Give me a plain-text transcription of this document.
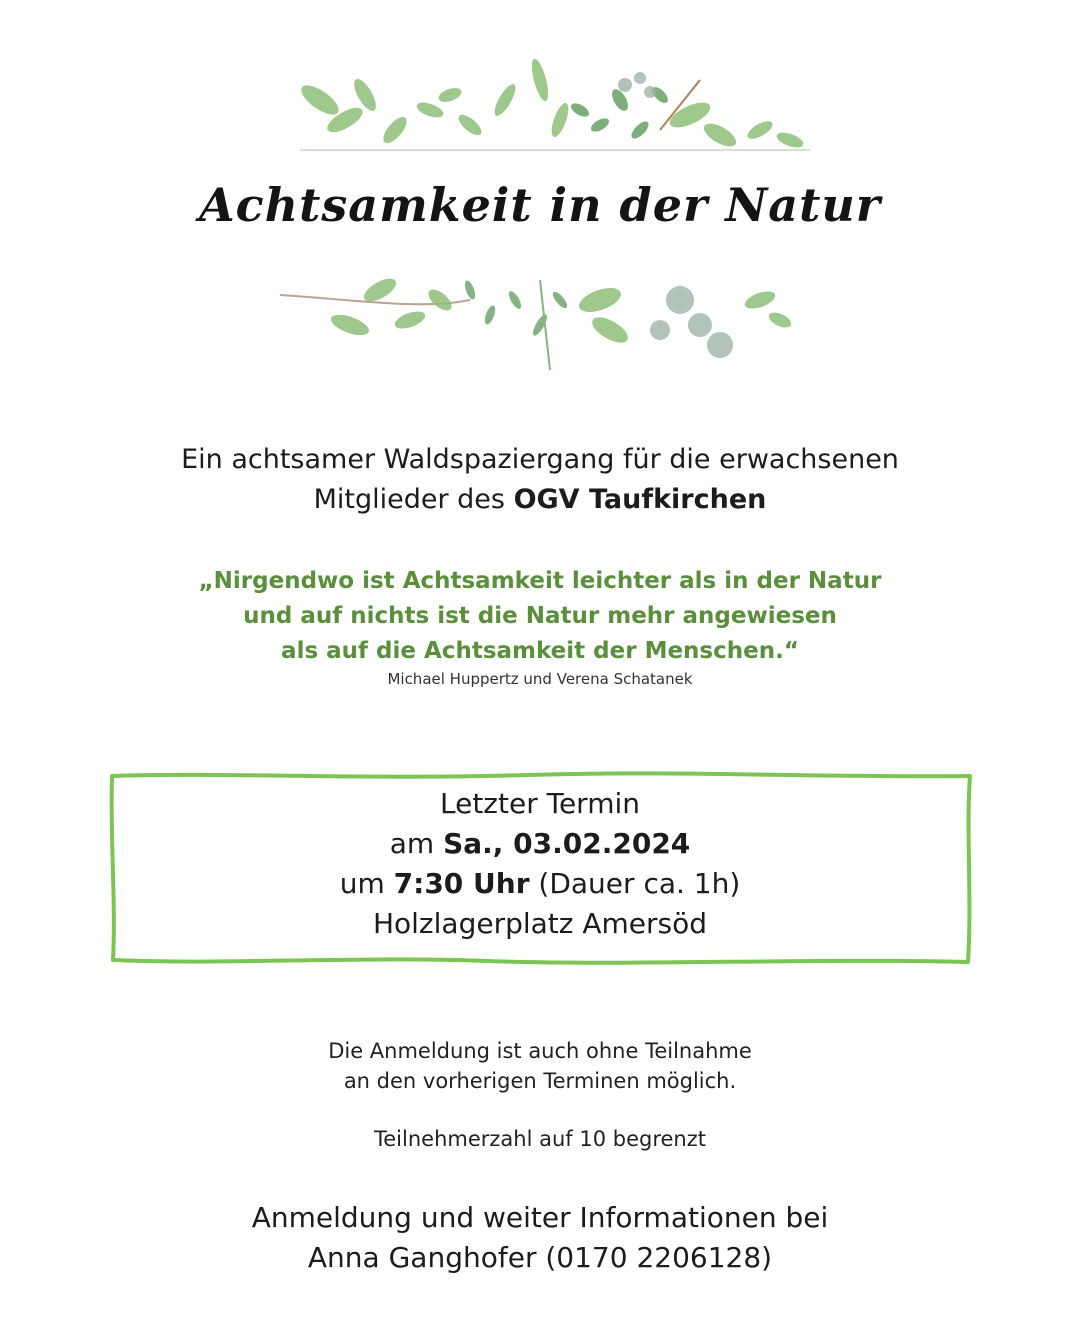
Achtsamkeit in der Natur
Ein achtsamer Waldspaziergang für die erwachsenen
Mitglieder des OGV Taufkirchen
„Nirgendwo ist Achtsamkeit leichter als in der Natur
und auf nichts ist die Natur mehr angewiesen
als auf die Achtsamkeit der Menschen.“
Michael Huppertz und Verena Schatanek
Letzter Termin
am Sa., 03.02.2024
um 7:30 Uhr (Dauer ca. 1h)
Holzlagerplatz Amersöd
Die Anmeldung ist auch ohne Teilnahme
an den vorherigen Terminen möglich.
Teilnehmerzahl auf 10 begrenzt
Anmeldung und weiter Informationen bei
Anna Ganghofer (0170 2206128)
